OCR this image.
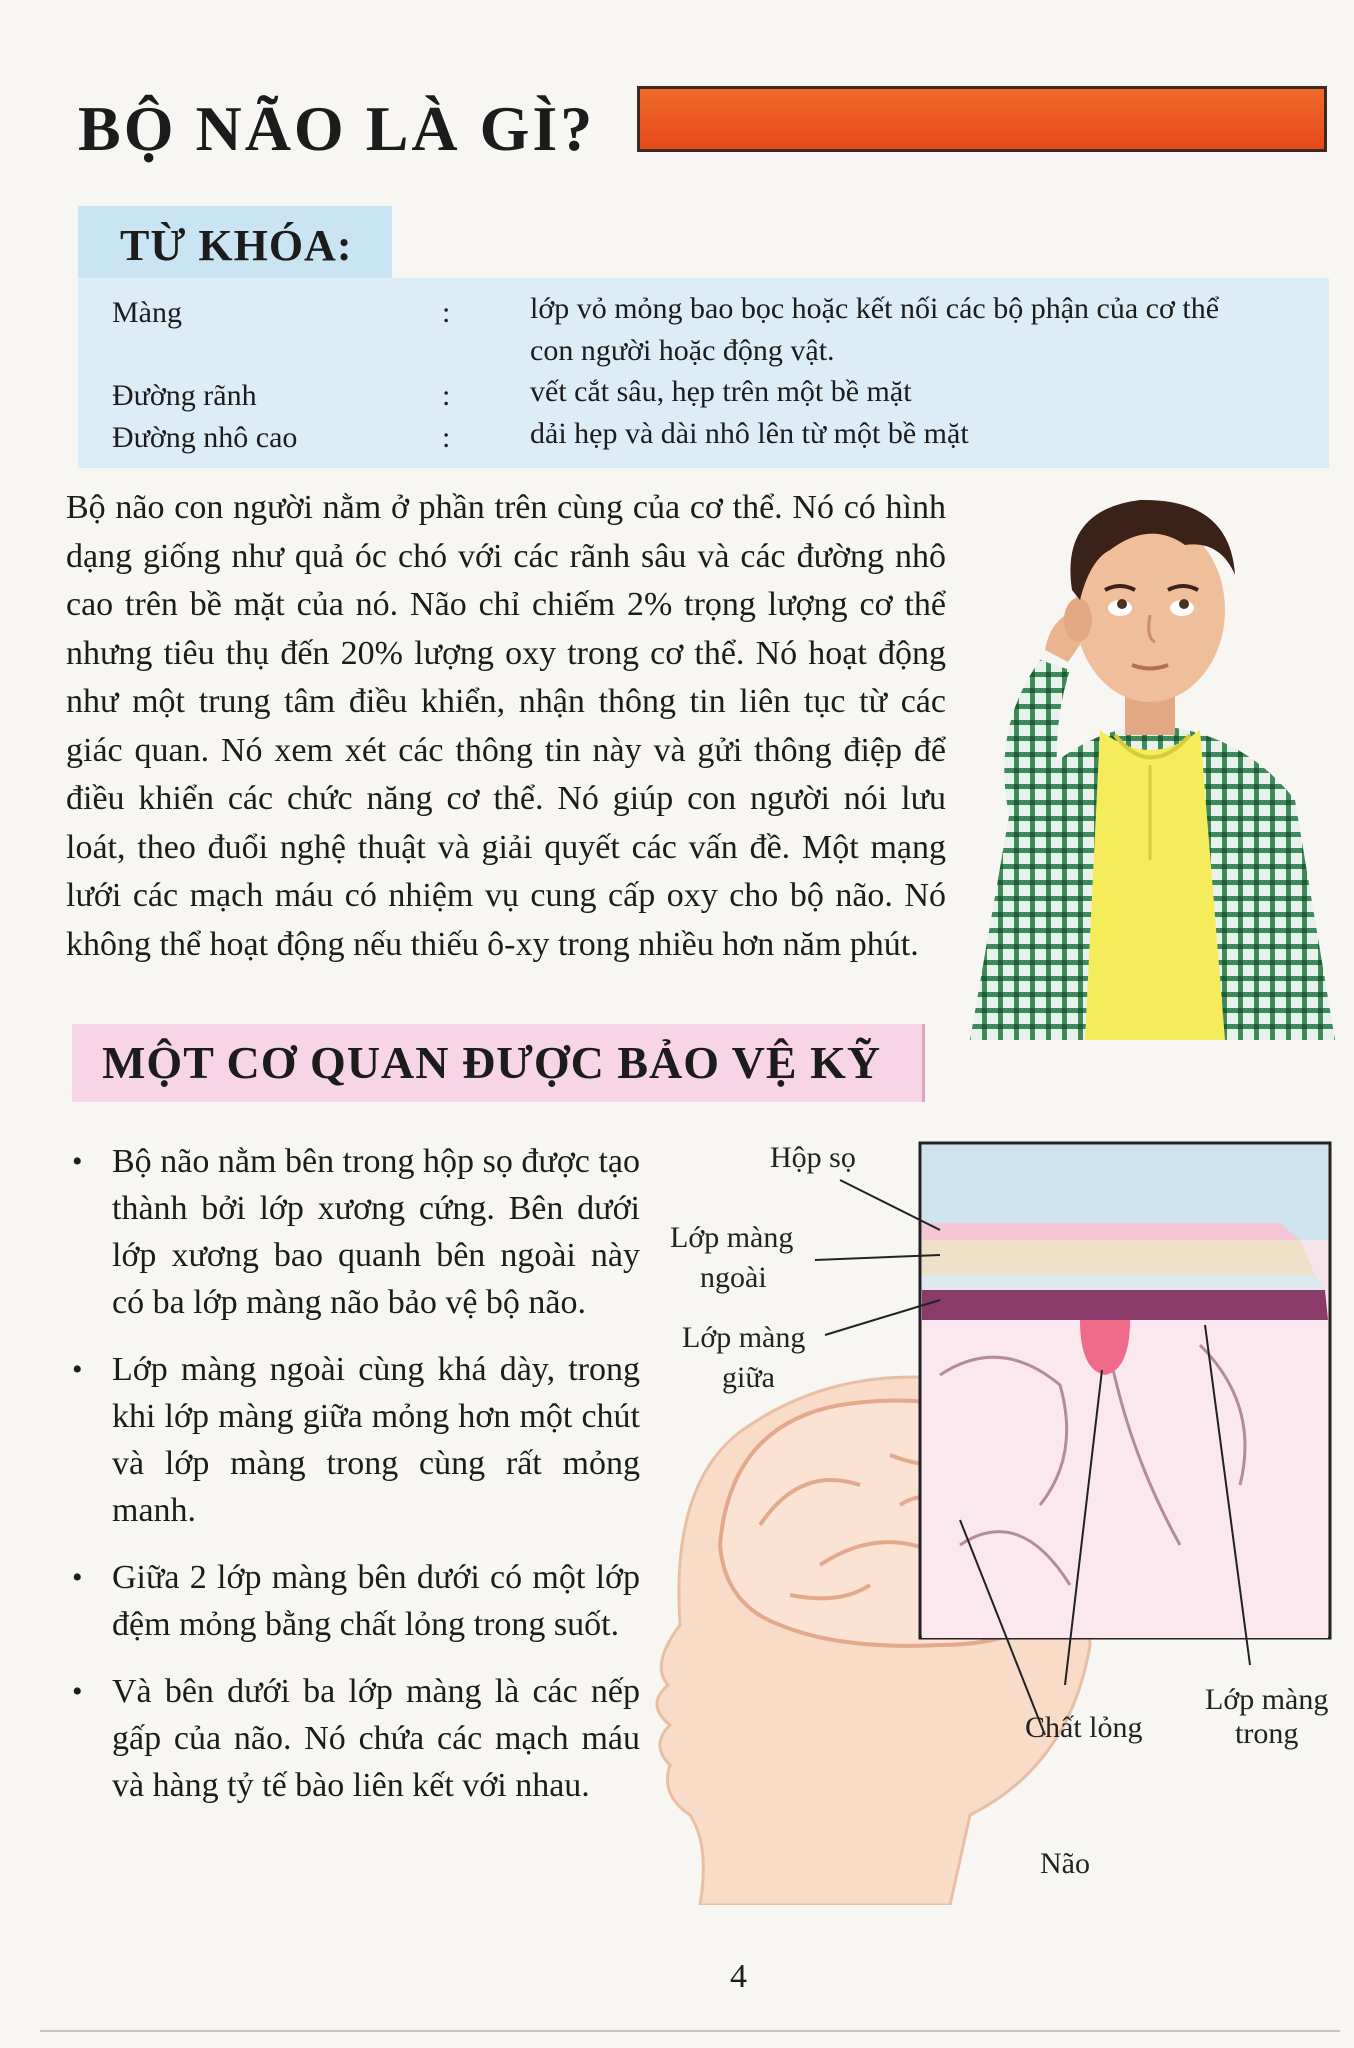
BỘ NÃO LÀ GÌ?
TỪ KHÓA:
Màng	:	lớp vỏ mỏng bao bọc hoặc kết nối các bộ phận của cơ thể
con người hoặc động vật.
Đường rãnh	:	vết cắt sâu, hẹp trên một bề mặt
Đường nhô cao	:	dải hẹp và dài nhô lên từ một bề mặt

Bộ não con người nằm ở phần trên cùng của cơ thể. Nó có hình dạng giống như quả óc chó với các rãnh sâu và các đường nhô cao trên bề mặt của nó. Não chỉ chiếm 2% trọng lượng cơ thể nhưng tiêu thụ đến 20% lượng oxy trong cơ thể. Nó hoạt động như một trung tâm điều khiển, nhận thông tin liên tục từ các giác quan. Nó xem xét các thông tin này và gửi thông điệp để điều khiển các chức năng cơ thể. Nó giúp con người nói lưu loát, theo đuổi nghệ thuật và giải quyết các vấn đề. Một mạng lưới các mạch máu có nhiệm vụ cung cấp oxy cho bộ não. Nó không thể hoạt động nếu thiếu ô-xy trong nhiều hơn năm phút.

MỘT CƠ QUAN ĐƯỢC BẢO VỆ KỸ
• Bộ não nằm bên trong hộp sọ được tạo thành bởi lớp xương cứng. Bên dưới lớp xương bao quanh bên ngoài này có ba lớp màng não bảo vệ bộ não.
• Lớp màng ngoài cùng khá dày, trong khi lớp màng giữa mỏng hơn một chút và lớp màng trong cùng rất mỏng manh.
• Giữa 2 lớp màng bên dưới có một lớp đệm mỏng bằng chất lỏng trong suốt.
• Và bên dưới ba lớp màng là các nếp gấp của não. Nó chứa các mạch máu và hàng tỷ tế bào liên kết với nhau.
Hộp sọ
Lớp màng
ngoài
Lớp màng
giữa
Chất lỏng
Lớp màng
trong
Não
4
